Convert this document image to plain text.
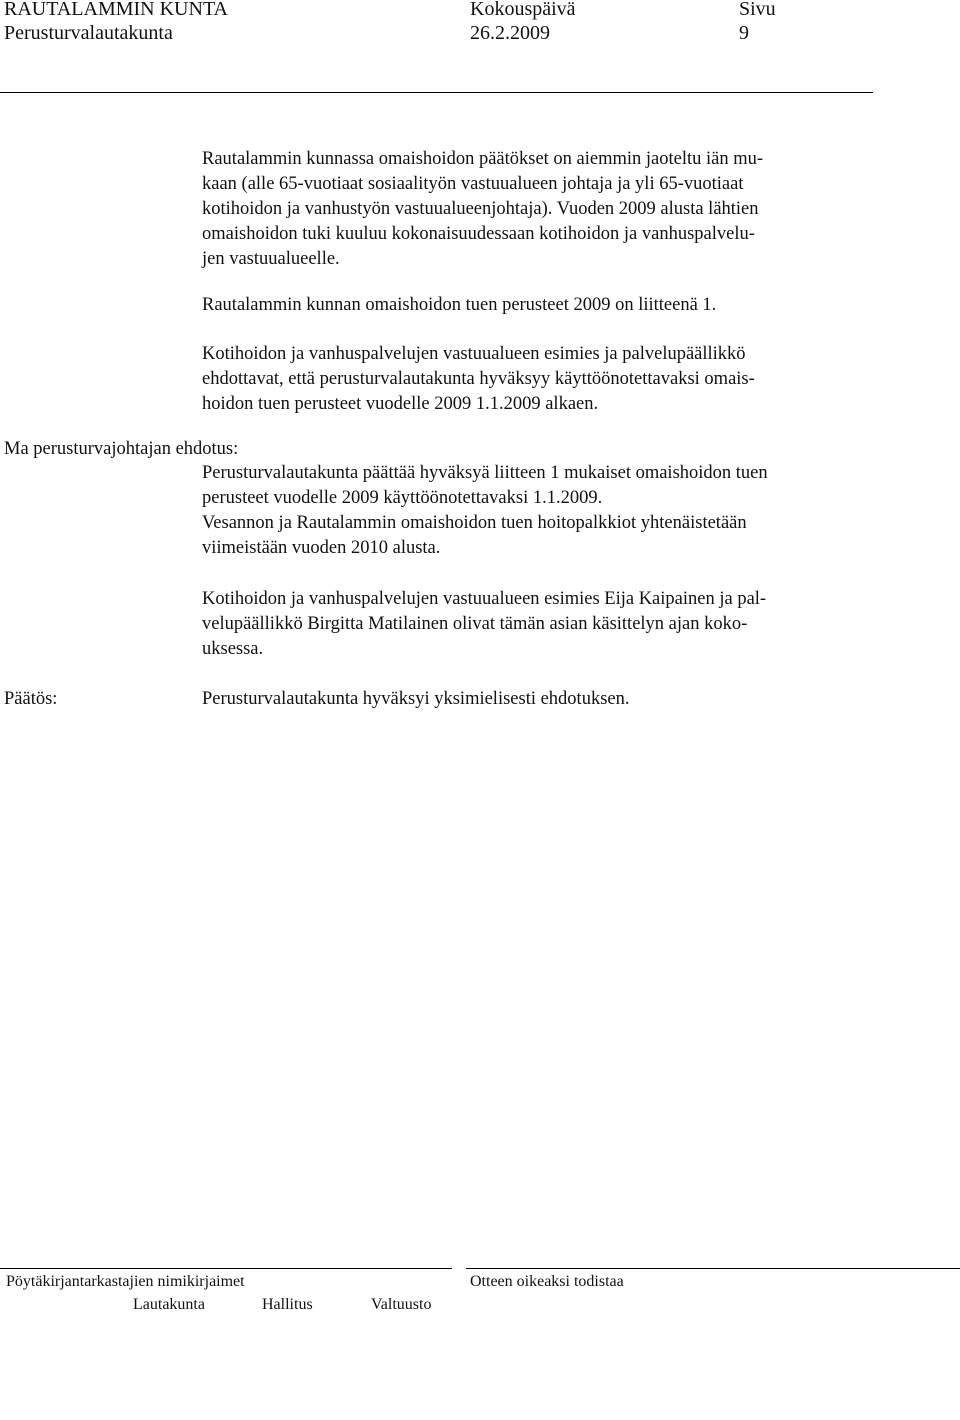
RAUTALAMMIN KUNTA
Perusturvalautakunta
Kokouspäivä
26.2.2009
Sivu
9
Rautalammin kunnassa omaishoidon päätökset on aiemmin jaoteltu iän mu-
kaan (alle 65-vuotiaat sosiaalityön vastuualueen johtaja ja yli 65-vuotiaat
kotihoidon ja vanhustyön vastuualueenjohtaja). Vuoden 2009 alusta lähtien
omaishoidon tuki kuuluu kokonaisuudessaan kotihoidon ja vanhuspalvelu-
jen vastuualueelle.
Rautalammin kunnan omaishoidon tuen perusteet 2009 on liitteenä 1.
Kotihoidon ja vanhuspalvelujen vastuualueen esimies ja palvelupäällikkö
ehdottavat, että perusturvalautakunta hyväksyy käyttöönotettavaksi omais-
hoidon tuen perusteet vuodelle 2009 1.1.2009 alkaen.
Ma perusturvajohtajan ehdotus:
Perusturvalautakunta päättää hyväksyä liitteen 1 mukaiset omaishoidon tuen
perusteet vuodelle 2009 käyttöönotettavaksi 1.1.2009.
Vesannon ja Rautalammin omaishoidon tuen hoitopalkkiot yhtenäistetään
viimeistään vuoden 2010 alusta.
Kotihoidon ja vanhuspalvelujen vastuualueen esimies Eija Kaipainen ja pal-
velupäällikkö Birgitta Matilainen olivat tämän asian käsittelyn ajan koko-
uksessa.
Päätös:	Perusturvalautakunta hyväksyi yksimielisesti ehdotuksen.
Pöytäkirjantarkastajien nimikirjaimet	Otteen oikeaksi todistaa
Lautakunta	Hallitus	Valtuusto
